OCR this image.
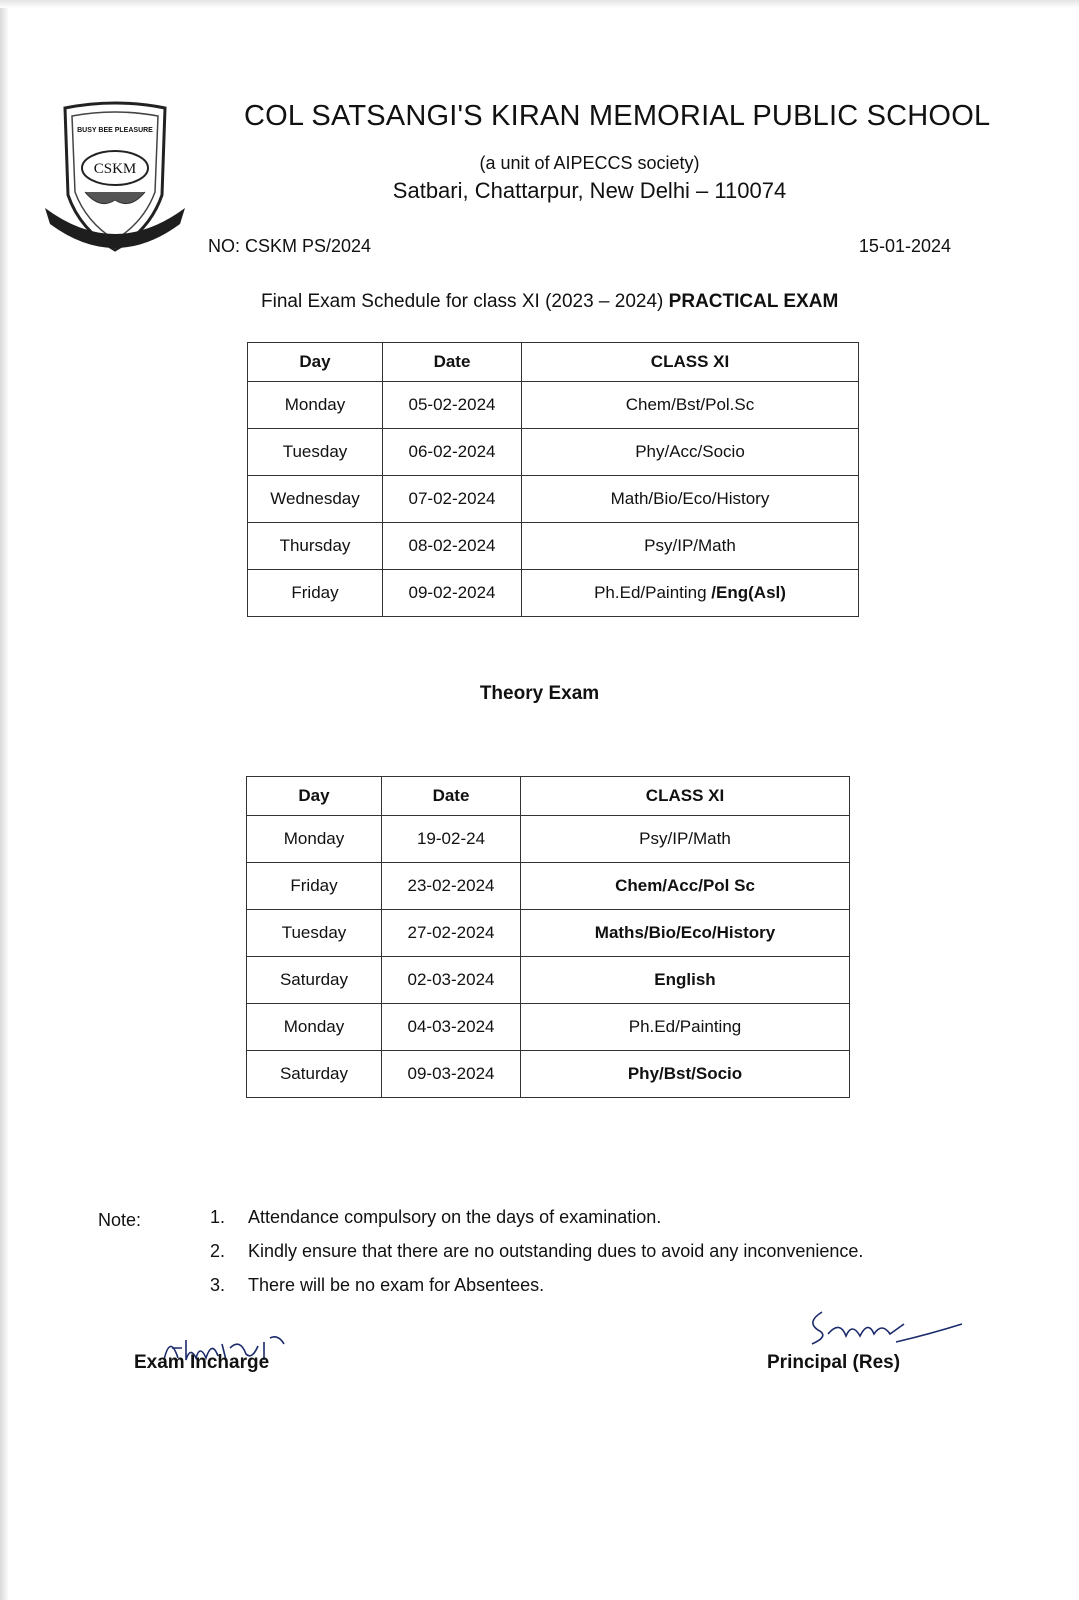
CSKM
BUSY BEE PLEASURE	COL SATSANGI'S KIRAN MEMORIAL PUBLIC SCHOOL
(a unit of AIPECCS society)
Satbari, Chattarpur, New Delhi – 110074
NO: CSKM PS/2024	15-01-2024
Final Exam Schedule for class XI (2023 – 2024) PRACTICAL EXAM
Day	Date	CLASS XI
Monday	05-02-2024	Chem/Bst/Pol.Sc
Tuesday	06-02-2024	Phy/Acc/Socio
Wednesday	07-02-2024	Math/Bio/Eco/History
Thursday	08-02-2024	Psy/IP/Math
Friday	09-02-2024	Ph.Ed/Painting /Eng(Asl)
Theory Exam
Day	Date	CLASS XI
Monday	19-02-24	Psy/IP/Math
Friday	23-02-2024	Chem/Acc/Pol Sc
Tuesday	27-02-2024	Maths/Bio/Eco/History
Saturday	02-03-2024	English
Monday	04-03-2024	Ph.Ed/Painting
Saturday	09-03-2024	Phy/Bst/Socio
Note:	1.	Attendance compulsory on the days of examination.
2.	Kindly ensure that there are no outstanding dues to avoid any inconvenience.
3.	There will be no exam for Absentees.
Exam Incharge	Principal (Res)
